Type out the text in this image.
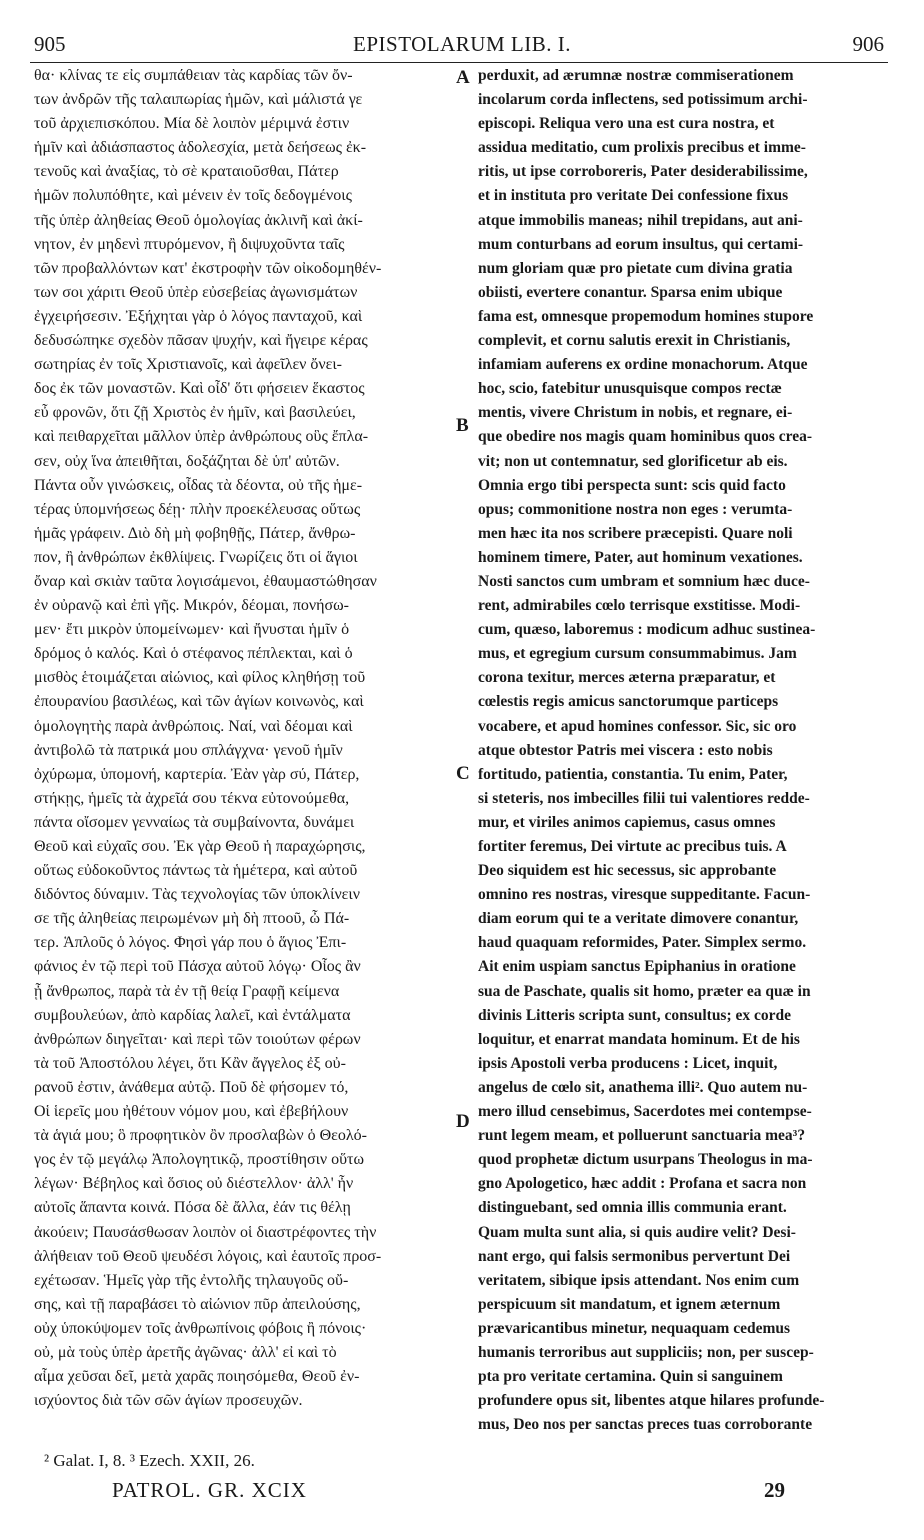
905	EPISTOLARUM LIB. I.	906
θα· κλίνας τε εἰς συμπάθειαν τὰς καρδίας τῶν ὄν-
των ἀνδρῶν τῆς ταλαιπωρίας ἡμῶν, καὶ μάλιστά γε
τοῦ ἀρχιεπισκόπου. Μία δὲ λοιπὸν μέριμνά ἐστιν
ἡμῖν καὶ ἀδιάσπαστος ἀδολεσχία, μετὰ δεήσεως ἐκ-
τενοῦς καὶ ἀναξίας, τὸ σὲ κραταιοῦσθαι, Πάτερ
ἡμῶν πολυπόθητε, καὶ μένειν ἐν τοῖς δεδογμένοις
τῆς ὑπὲρ ἀληθείας Θεοῦ ὁμολογίας ἀκλινῆ καὶ ἀκί-
νητον, ἐν μηδενὶ πτυρόμενον, ἢ διψυχοῦντα ταῖς
τῶν προβαλλόντων κατ' ἐκστροφὴν τῶν οἰκοδομηθέν-
των σοι χάριτι Θεοῦ ὑπὲρ εὐσεβείας ἀγωνισμάτων
ἐγχειρήσεσιν. Ἐξήχηται γὰρ ὁ λόγος πανταχοῦ, καὶ
δεδυσώπηκε σχεδὸν πᾶσαν ψυχήν, καὶ ἤγειρε κέρας
σωτηρίας ἐν τοῖς Χριστιανοῖς, καὶ ἀφεῖλεν ὄνει-
δος ἐκ τῶν μοναστῶν. Καὶ οἶδ' ὅτι φήσειεν ἕκαστος
εὖ φρονῶν, ὅτι ζῇ Χριστὸς ἐν ἡμῖν, καὶ βασιλεύει,
καὶ πειθαρχεῖται μᾶλλον ὑπὲρ ἀνθρώπους οὓς ἔπλα-
σεν, οὐχ ἵνα ἀπειθῆται, δοξάζηται δὲ ὑπ' αὐτῶν.
Πάντα οὖν γινώσκεις, οἶδας τὰ δέοντα, οὐ τῆς ἡμε-
τέρας ὑπομνήσεως δέῃ· πλὴν προεκέλευσας οὕτως
ἡμᾶς γράφειν. Διὸ δὴ μὴ φοβηθῇς, Πάτερ, ἄνθρω-
πον, ἢ ἀνθρώπων ἐκθλίψεις. Γνωρίζεις ὅτι οἱ ἅγιοι
ὄναρ καὶ σκιὰν ταῦτα λογισάμενοι, ἐθαυμαστώθησαν
ἐν οὐρανῷ καὶ ἐπὶ γῆς. Μικρόν, δέομαι, πονήσω-
μεν· ἔτι μικρὸν ὑπομείνωμεν· καὶ ἤνυσται ἡμῖν ὁ
δρόμος ὁ καλός. Καὶ ὁ στέφανος πέπλεκται, καὶ ὁ
μισθὸς ἑτοιμάζεται αἰώνιος, καὶ φίλος κληθήσῃ τοῦ
ἐπουρανίου βασιλέως, καὶ τῶν ἁγίων κοινωνὸς, καὶ
ὁμολογητὴς παρὰ ἀνθρώποις. Ναί, ναὶ δέομαι καὶ
ἀντιβολῶ τὰ πατρικά μου σπλάγχνα· γενοῦ ἡμῖν
ὀχύρωμα, ὑπομονή, καρτερία. Ἐὰν γὰρ σύ, Πάτερ,
στήκῃς, ἡμεῖς τὰ ἀχρεῖά σου τέκνα εὐτονούμεθα,
πάντα οἴσομεν γενναίως τὰ συμβαίνοντα, δυνάμει
Θεοῦ καὶ εὐχαῖς σου. Ἐκ γὰρ Θεοῦ ἡ παραχώρησις,
οὕτως εὐδοκοῦντος πάντως τὰ ἡμέτερα, καὶ αὐτοῦ
διδόντος δύναμιν. Τὰς τεχνολογίας τῶν ὑποκλίνειν
σε τῆς ἀληθείας πειρωμένων μὴ δὴ πτοοῦ, ὦ Πά-
τερ. Ἁπλοῦς ὁ λόγος. Φησὶ γάρ που ὁ ἅγιος Ἐπι-
φάνιος ἐν τῷ περὶ τοῦ Πάσχα αὐτοῦ λόγῳ· Οἷος ἂν
ᾖ ἄνθρωπος, παρὰ τὰ ἐν τῇ θείᾳ Γραφῇ κείμενα
συμβουλεύων, ἀπὸ καρδίας λαλεῖ, καὶ ἐντάλματα
ἀνθρώπων διηγεῖται· καὶ περὶ τῶν τοιούτων φέρων
τὰ τοῦ Ἀποστόλου λέγει, ὅτι Κἂν ἄγγελος ἐξ οὐ-
ρανοῦ ἐστιν, ἀνάθεμα αὐτῷ. Ποῦ δὲ φήσομεν τό,
Οἱ ἱερεῖς μου ἠθέτουν νόμον μου, καὶ ἐβεβήλουν
τὰ ἁγιά μου; ὃ προφητικὸν ὂν προσλαβὼν ὁ Θεολό-
γος ἐν τῷ μεγάλῳ Ἀπολογητικῷ, προστίθησιν οὕτω
λέγων· Βέβηλος καὶ ὅσιος οὐ διέστελλον· ἀλλ' ἦν
αὐτοῖς ἅπαντα κοινά. Πόσα δὲ ἄλλα, ἐάν τις θέλῃ
ἀκούειν; Παυσάσθωσαν λοιπὸν οἱ διαστρέφοντες τὴν
ἀλήθειαν τοῦ Θεοῦ ψευδέσι λόγοις, καὶ ἑαυτοῖς προσ-
εχέτωσαν. Ἡμεῖς γὰρ τῆς ἐντολῆς τηλαυγοῦς οὔ-
σης, καὶ τῇ παραβάσει τὸ αἰώνιον πῦρ ἀπειλούσης,
οὐχ ὑποκύψομεν τοῖς ἀνθρωπίνοις φόβοις ἢ πόνοις·
οὐ, μὰ τοὺς ὑπὲρ ἀρετῆς ἀγῶνας· ἀλλ' εἰ καὶ τὸ
αἷμα χεῦσαι δεῖ, μετὰ χαρᾶς ποιησόμεθα, Θεοῦ ἐν-
ισχύοντος διὰ τῶν σῶν ἁγίων προσευχῶν.
perduxit, ad ærumnæ nostræ commiserationem
incolarum corda inflectens, sed potissimum archi-
episcopi. Reliqua vero una est cura nostra, et
assidua meditatio, cum prolixis precibus et imme-
ritis, ut ipse corroboreris, Pater desiderabilissime,
et in instituta pro veritate Dei confessione fixus
atque immobilis maneas; nihil trepidans, aut ani-
mum conturbans ad eorum insultus, qui certami-
num gloriam quæ pro pietate cum divina gratia
obiisti, evertere conantur. Sparsa enim ubique
fama est, omnesque propemodum homines stupore
complevit, et cornu salutis erexit in Christianis,
infamiam auferens ex ordine monachorum. Atque
hoc, scio, fatebitur unusquisque compos rectæ
mentis, vivere Christum in nobis, et regnare, ei-
que obedire nos magis quam hominibus quos crea-
vit; non ut contemnatur, sed glorificetur ab eis.
Omnia ergo tibi perspecta sunt: scis quid facto
opus; commonitione nostra non eges : verumta-
men hæc ita nos scribere præcepisti. Quare noli
hominem timere, Pater, aut hominum vexationes.
Nosti sanctos cum umbram et somnium hæc duce-
rent, admirabiles cœlo terrisque exstitisse. Modi-
cum, quæso, laboremus : modicum adhuc sustinea-
mus, et egregium cursum consummabimus. Jam
corona texitur, merces æterna præparatur, et
cœlestis regis amicus sanctorumque particeps
vocabere, et apud homines confessor. Sic, sic oro
atque obtestor Patris mei viscera : esto nobis
fortitudo, patientia, constantia. Tu enim, Pater,
si steteris, nos imbecilles filii tui valentiores redde-
mur, et viriles animos capiemus, casus omnes
fortiter feremus, Dei virtute ac precibus tuis. A
Deo siquidem est hic secessus, sic approbante
omnino res nostras, viresque suppeditante. Facun-
diam eorum qui te a veritate dimovere conantur,
haud quaquam reformides, Pater. Simplex sermo.
Ait enim uspiam sanctus Epiphanius in oratione
sua de Paschate, qualis sit homo, præter ea quæ in
divinis Litteris scripta sunt, consultus; ex corde
loquitur, et enarrat mandata hominum. Et de his
ipsis Apostoli verba producens : Licet, inquit,
angelus de cœlo sit, anathema illi². Quo autem nu-
mero illud censebimus, Sacerdotes mei contempse-
runt legem meam, et polluerunt sanctuaria mea³?
quod prophetæ dictum usurpans Theologus in ma-
gno Apologetico, hæc addit : Profana et sacra non
distinguebant, sed omnia illis communia erant.
Quam multa sunt alia, si quis audire velit? Desi-
nant ergo, qui falsis sermonibus pervertunt Dei
veritatem, sibique ipsis attendant. Nos enim cum
perspicuum sit mandatum, et ignem æternum
prævaricantibus minetur, nequaquam cedemus
humanis terroribus aut suppliciis; non, per suscep-
pta pro veritate certamina. Quin si sanguinem
profundere opus sit, libentes atque hilares profunde-
mus, Deo nos per sanctas preces tuas corroborante
A
B
C
D
² Galat. I, 8. ³ Ezech. XXII, 26.
PATROL. GR. XCIX	29
